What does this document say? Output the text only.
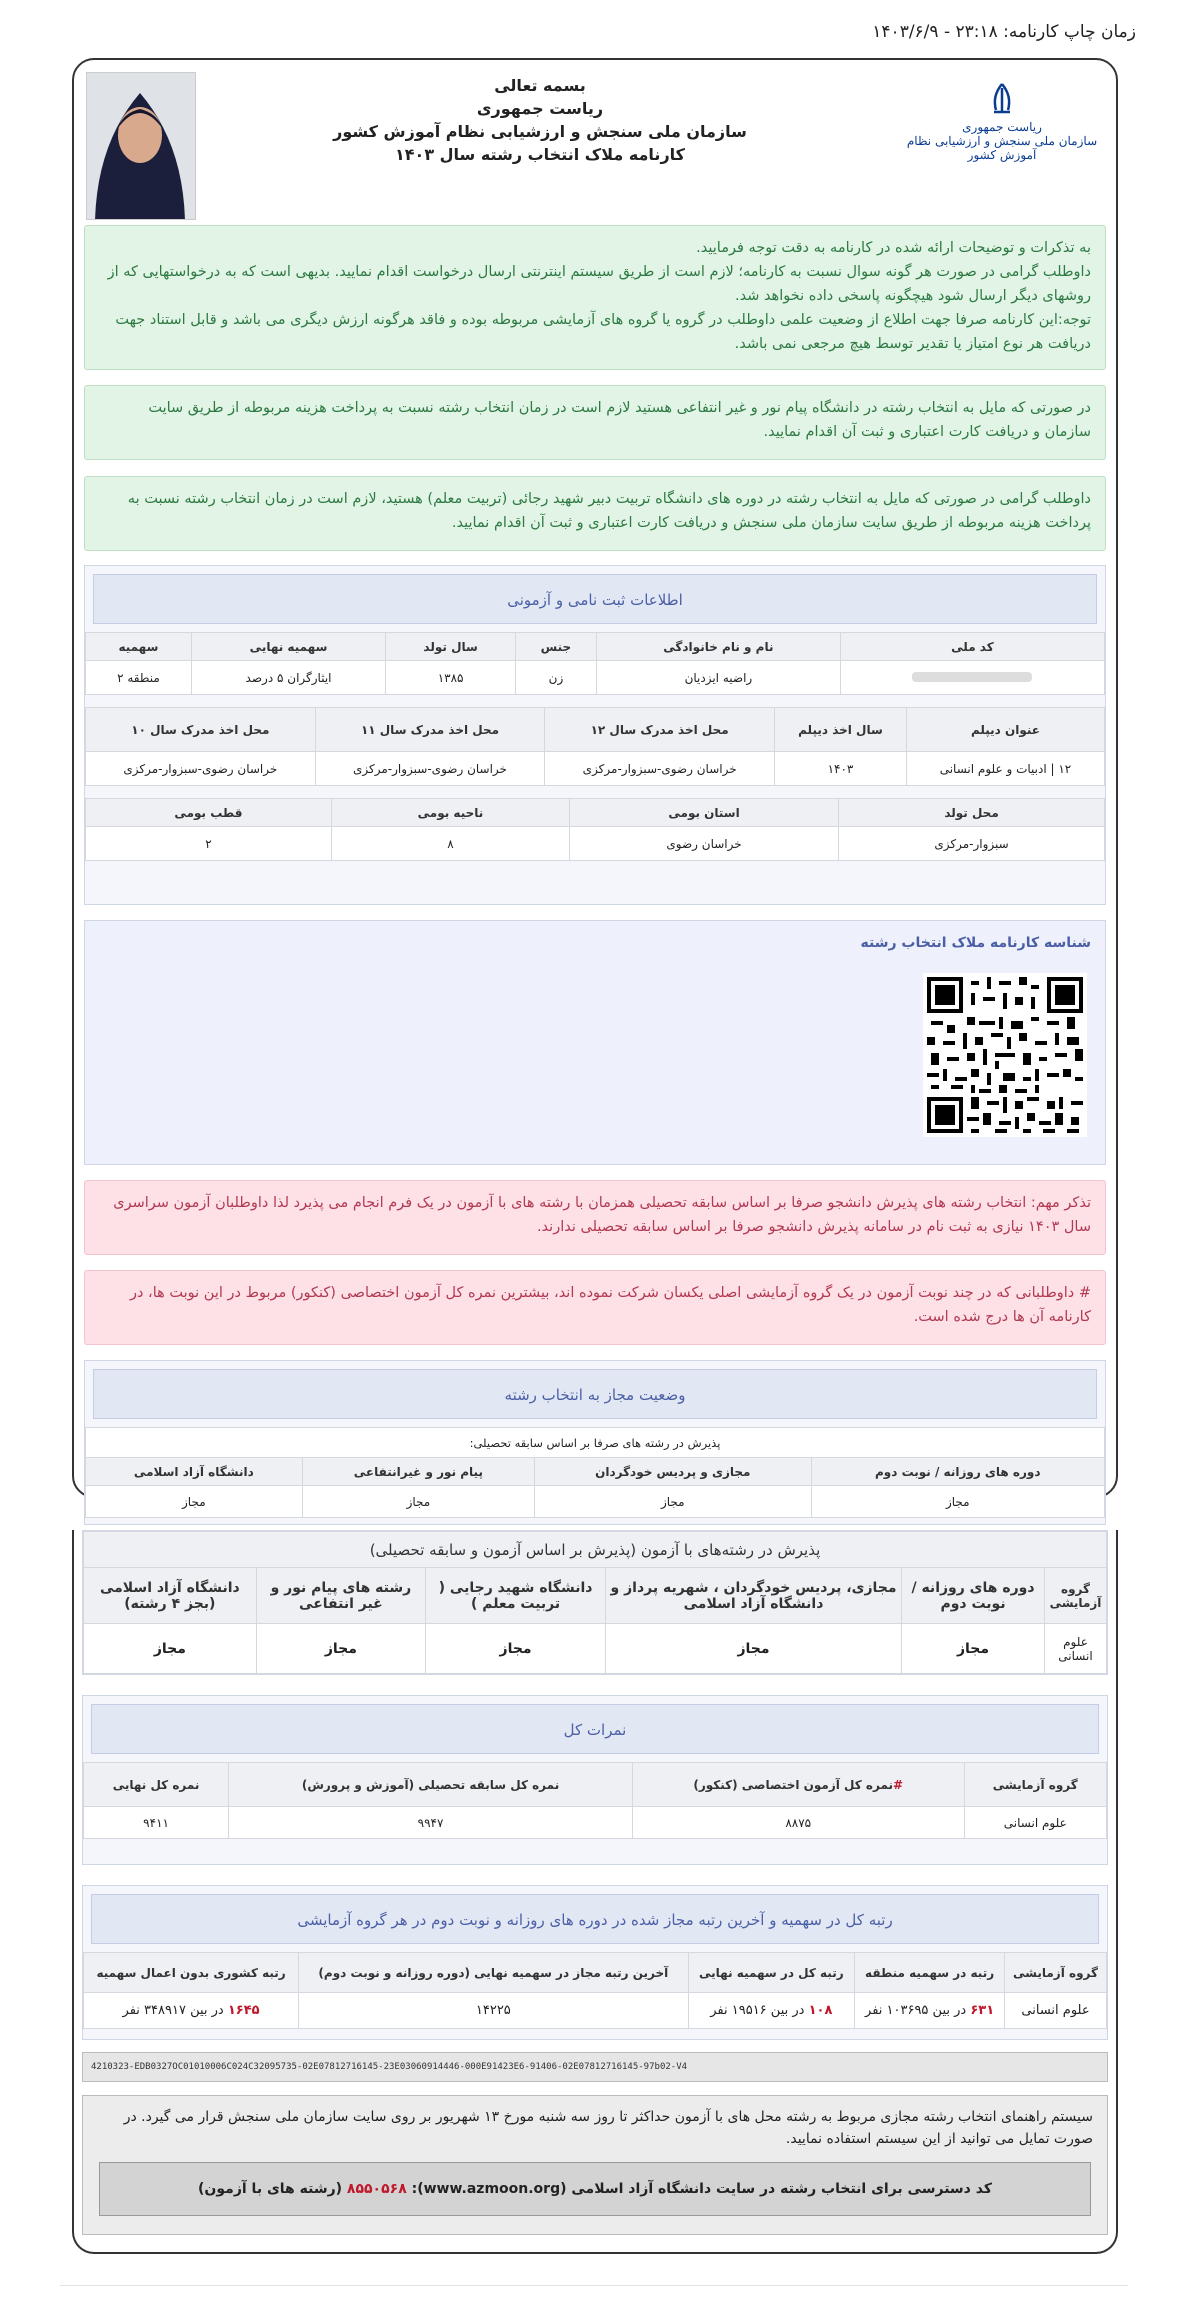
زمان چاپ کارنامه: ۲۳:۱۸ - ۱۴۰۳/۶/۹
بسمه تعالی
ریاست جمهوری
سازمان ملی سنجش و ارزشیابی نظام آموزش کشور
کارنامه ملاک انتخاب رشته سال ۱۴۰۳
ریاست جمهوری
سازمان ملی سنجش و ارزشیابی نظام آموزش کشور
به تذکرات و توضیحات ارائه شده در کارنامه به دقت توجه فرمایید.
داوطلب گرامی در صورت هر گونه سوال نسبت به کارنامه؛ لازم است از طریق سیستم اینترنتی ارسال درخواست اقدام نمایید. بدیهی است که به درخواستهایی که از روشهای دیگر ارسال شود هیچگونه پاسخی داده نخواهد شد.
توجه:این کارنامه صرفا جهت اطلاع از وضعیت علمی داوطلب در گروه یا گروه های آزمایشی مربوطه بوده و فاقد هرگونه ارزش دیگری می باشد و قابل استناد جهت دریافت هر نوع امتیاز یا تقدیر توسط هیچ مرجعی نمی باشد.
در صورتی که مایل به انتخاب رشته در دانشگاه پیام نور و غیر انتفاعی هستید لازم است در زمان انتخاب رشته نسبت به پرداخت هزینه مربوطه از طریق سایت سازمان و دریافت کارت اعتباری و ثبت آن اقدام نمایید.
داوطلب گرامی در صورتی که مایل به انتخاب رشته در دوره های دانشگاه تربیت دبیر شهید رجائی (تربیت معلم) هستید، لازم است در زمان انتخاب رشته نسبت به پرداخت هزینه مربوطه از طریق سایت سازمان ملی سنجش و دریافت کارت اعتباری و ثبت آن اقدام نمایید.
اطلاعات ثبت نامی و آزمونی
کد ملی	نام و نام خانوادگی	جنس	سال تولد	سهمیه نهایی	سهمیه
	راضیه ایزدیان	زن	۱۳۸۵	ایثارگران ۵ درصد	منطقه ۲
عنوان دیپلم	سال اخذ دیپلم	محل اخذ مدرک سال ۱۲	محل اخذ مدرک سال ۱۱	محل اخذ مدرک سال ۱۰
۱۲ | ادبیات و علوم انسانی	۱۴۰۳	خراسان رضوی-سبزوار-مرکزی	خراسان رضوی-سبزوار-مرکزی	خراسان رضوی-سبزوار-مرکزی
محل تولد	استان بومی	ناحیه بومی	قطب بومی
سبزوار-مرکزی	خراسان رضوی	۸	۲
شناسه کارنامه ملاک انتخاب رشته
تذکر مهم: انتخاب رشته های پذیرش دانشجو صرفا بر اساس سابقه تحصیلی همزمان با رشته های با آزمون در یک فرم انجام می پذیرد لذا داوطلبان آزمون سراسری سال ۱۴۰۳ نیازی به ثبت نام در سامانه پذیرش دانشجو صرفا بر اساس سابقه تحصیلی ندارند.
# داوطلبانی که در چند نوبت آزمون در یک گروه آزمایشی اصلی یکسان شرکت نموده اند، بیشترین نمره کل آزمون اختصاصی (کنکور) مربوط در این نوبت ها، در کارنامه آن ها درج شده است.
وضعیت مجاز به انتخاب رشته
پذیرش در رشته های صرفا بر اساس سابقه تحصیلی:			
دوره های روزانه / نوبت دوم	مجازی و پردیس خودگردان	پیام نور و غیرانتفاعی	دانشگاه آزاد اسلامی
مجاز	مجاز	مجاز	مجاز
پذیرش در رشته‌های با آزمون (پذیرش بر اساس آزمون و سابقه تحصیلی)					
گروه آزمایشی	دوره های روزانه / نوبت دوم	مجازی، پردیس خودگردان ، شهریه پرداز و دانشگاه آزاد اسلامی	دانشگاه شهید رجایی ( تربیت معلم )	رشته های پیام نور و غیر انتفاعی	دانشگاه آزاد اسلامی (بجز ۴ رشته)
علوم انسانی	مجاز	مجاز	مجاز	مجاز	مجاز
نمرات کل
گروه آزمایشی	#نمره کل آزمون اختصاصی (کنکور)	نمره کل سابقه تحصیلی (آموزش و پرورش)	نمره کل نهایی
علوم انسانی	۸۸۷۵	۹۹۴۷	۹۴۱۱
رتبه کل در سهمیه و آخرین رتبه مجاز شده در دوره های روزانه و نوبت دوم در هر گروه آزمایشی
گروه آزمایشی	رتبه در سهمیه منطقه	رتبه کل در سهمیه نهایی	آخرین رتبه مجاز در سهمیه نهایی (دوره روزانه و نوبت دوم)	رتبه کشوری بدون اعمال سهمیه
علوم انسانی	۶۳۱ در بین ۱۰۳۶۹۵ نفر	۱۰۸ در بین ۱۹۵۱۶ نفر	۱۴۲۲۵	۱۶۴۵ در بین ۳۴۸۹۱۷ نفر
4210323-EDB0327OC01010006C024C32095735-02E07812716145-23E03060914446-000E91423E6-91406-02E07812716145-97b02-V4
سیستم راهنمای انتخاب رشته مجازی مربوط به رشته محل های با آزمون حداکثر تا روز سه شنبه مورخ ۱۳ شهریور بر روی سایت سازمان ملی سنجش قرار می گیرد. در صورت تمایل می توانید از این سیستم استفاده نمایید.
کد دسترسی برای انتخاب رشته در سایت دانشگاه آزاد اسلامی (www.azmoon.org): ۸۵۵۰۵۶۸ (رشته های با آزمون)
